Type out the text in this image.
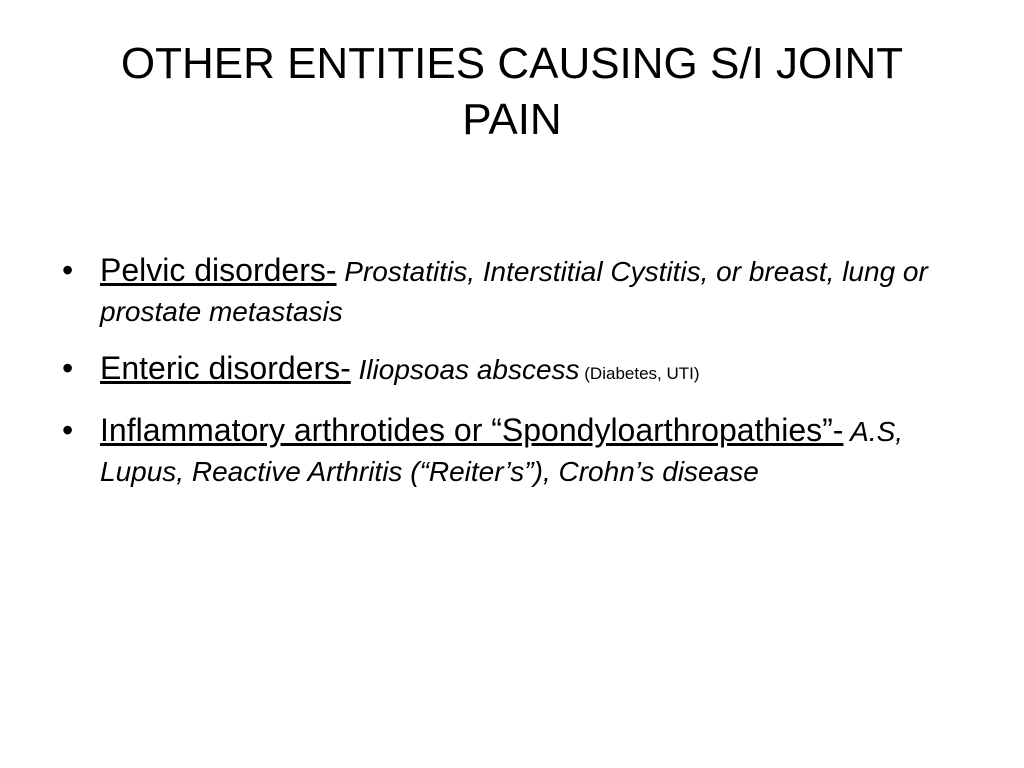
OTHER ENTITIES CAUSING S/I JOINT PAIN
• Pelvic disorders- Prostatitis, Interstitial Cystitis, or breast, lung or prostate metastasis
• Enteric disorders- Iliopsoas abscess (Diabetes, UTI)
• Inflammatory arthrotides or “Spondyloarthropathies”- A.S, Lupus, Reactive Arthritis (“Reiter’s”), Crohn’s disease
